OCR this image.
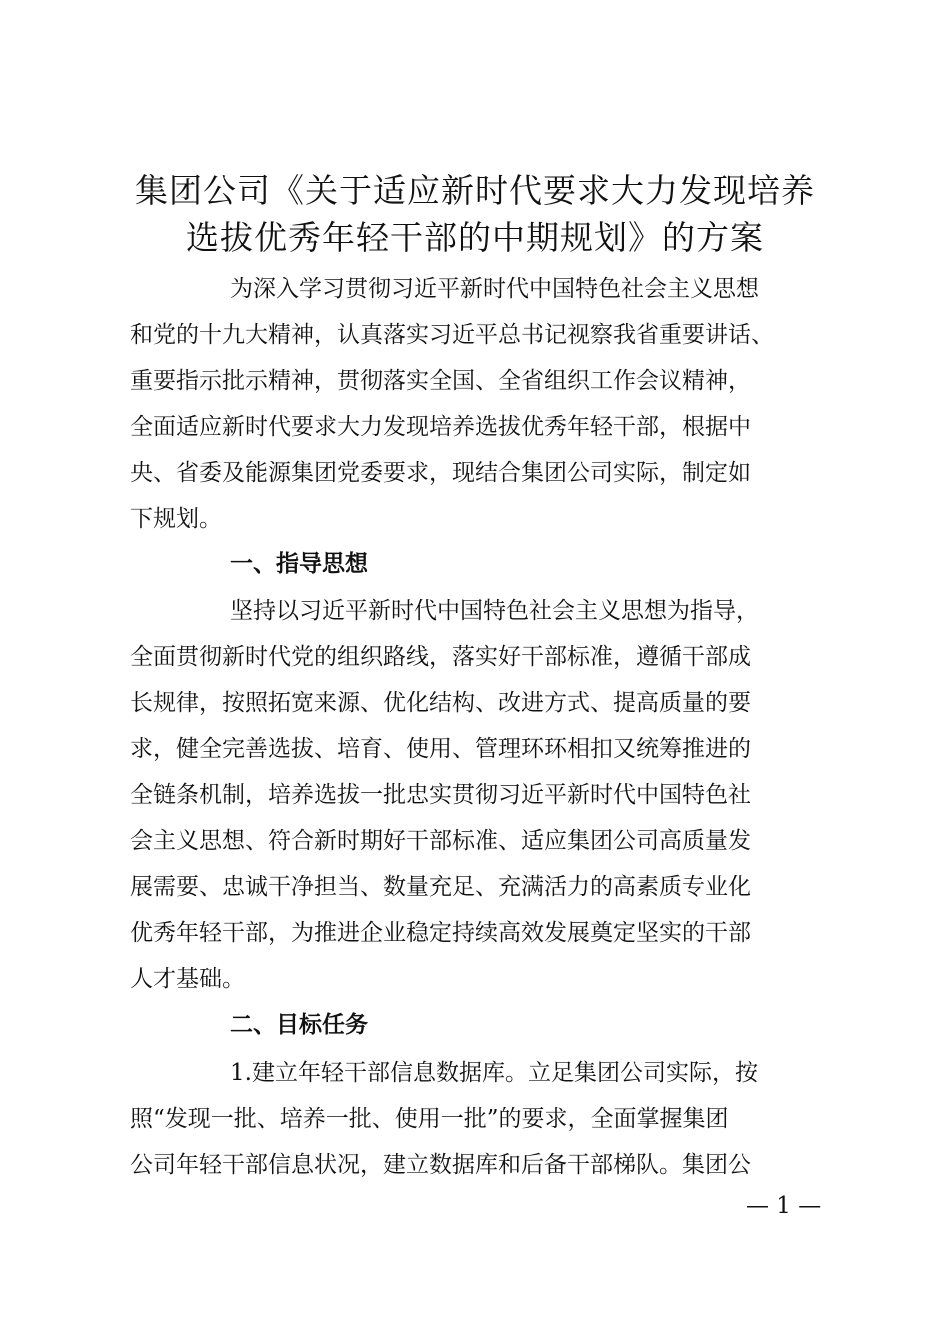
集团公司《关于适应新时代要求大力发现培养
选拔优秀年轻干部的中期规划》的方案
为深入学习贯彻习近平新时代中国特色社会主义思想
和党的十九大精神，认真落实习近平总书记视察我省重要讲话、
重要指示批示精神，贯彻落实全国、全省组织工作会议精神，
全面适应新时代要求大力发现培养选拔优秀年轻干部，根据中
央、省委及能源集团党委要求，现结合集团公司实际，制定如
下规划。
一、指导思想
坚持以习近平新时代中国特色社会主义思想为指导，
全面贯彻新时代党的组织路线，落实好干部标准，遵循干部成
长规律，按照拓宽来源、优化结构、改进方式、提高质量的要
求，健全完善选拔、培育、使用、管理环环相扣又统筹推进的
全链条机制，培养选拔一批忠实贯彻习近平新时代中国特色社
会主义思想、符合新时期好干部标准、适应集团公司高质量发
展需要、忠诚干净担当、数量充足、充满活力的高素质专业化
优秀年轻干部，为推进企业稳定持续高效发展奠定坚实的干部
人才基础。
二、目标任务
1.建立年轻干部信息数据库。立足集团公司实际，按
照“发现一批、培养一批、使用一批”的要求，全面掌握集团
公司年轻干部信息状况，建立数据库和后备干部梯队。集团公
— 1 —
